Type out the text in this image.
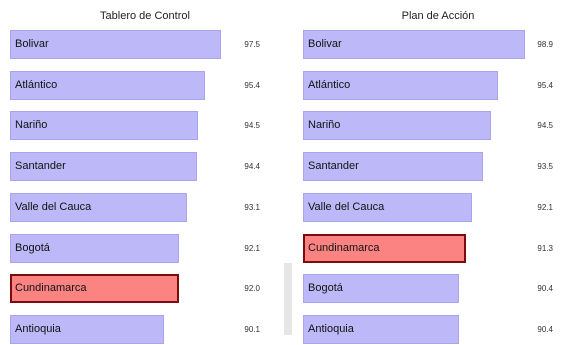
Tablero de Control
Bolivar	97.5
Atlántico	95.4
Nariño	94.5
Santander	94.4
Valle del Cauca	93.1
Bogotá	92.1
Cundinamarca	92.0
Antioquia	90.1
Plan de Acción
Bolivar	98.9
Atlántico	95.4
Nariño	94.5
Santander	93.5
Valle del Cauca	92.1
Cundinamarca	91.3
Bogotá	90.4
Antioquia	90.4
